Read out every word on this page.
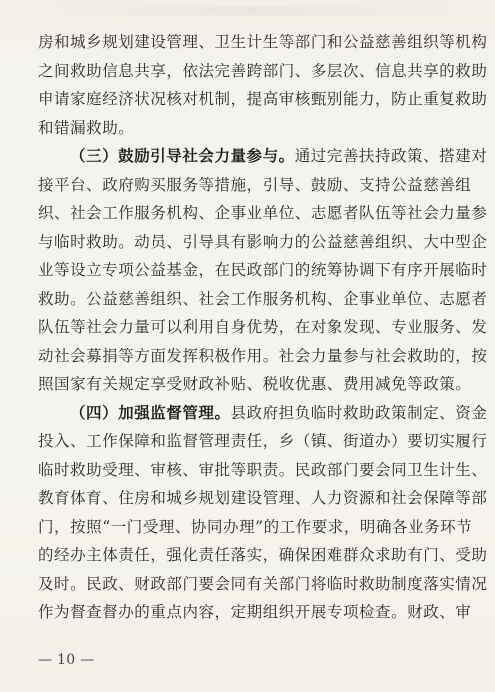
房和城乡规划建设管理、卫生计生等部门和公益慈善组织等机构
之间救助信息共享，依法完善跨部门、多层次、信息共享的救助
申请家庭经济状况核对机制，提高审核甄别能力，防止重复救助
和错漏救助。
（三）鼓励引导社会力量参与。通过完善扶持政策、搭建对
接平台、政府购买服务等措施，引导、鼓励、支持公益慈善组
织、社会工作服务机构、企事业单位、志愿者队伍等社会力量参
与临时救助。动员、引导具有影响力的公益慈善组织、大中型企
业等设立专项公益基金，在民政部门的统筹协调下有序开展临时
救助。公益慈善组织、社会工作服务机构、企事业单位、志愿者
队伍等社会力量可以利用自身优势，在对象发现、专业服务、发
动社会募捐等方面发挥积极作用。社会力量参与社会救助的，按
照国家有关规定享受财政补贴、税收优惠、费用减免等政策。
（四）加强监督管理。县政府担负临时救助政策制定、资金
投入、工作保障和监督管理责任，乡（镇、街道办）要切实履行
临时救助受理、审核、审批等职责。民政部门要会同卫生计生、
教育体育、住房和城乡规划建设管理、人力资源和社会保障等部
门，按照“一门受理、协同办理”的工作要求，明确各业务环节
的经办主体责任，强化责任落实，确保困难群众求助有门、受助
及时。民政、财政部门要会同有关部门将临时救助制度落实情况
作为督查督办的重点内容，定期组织开展专项检查。财政、审
— 10 —
